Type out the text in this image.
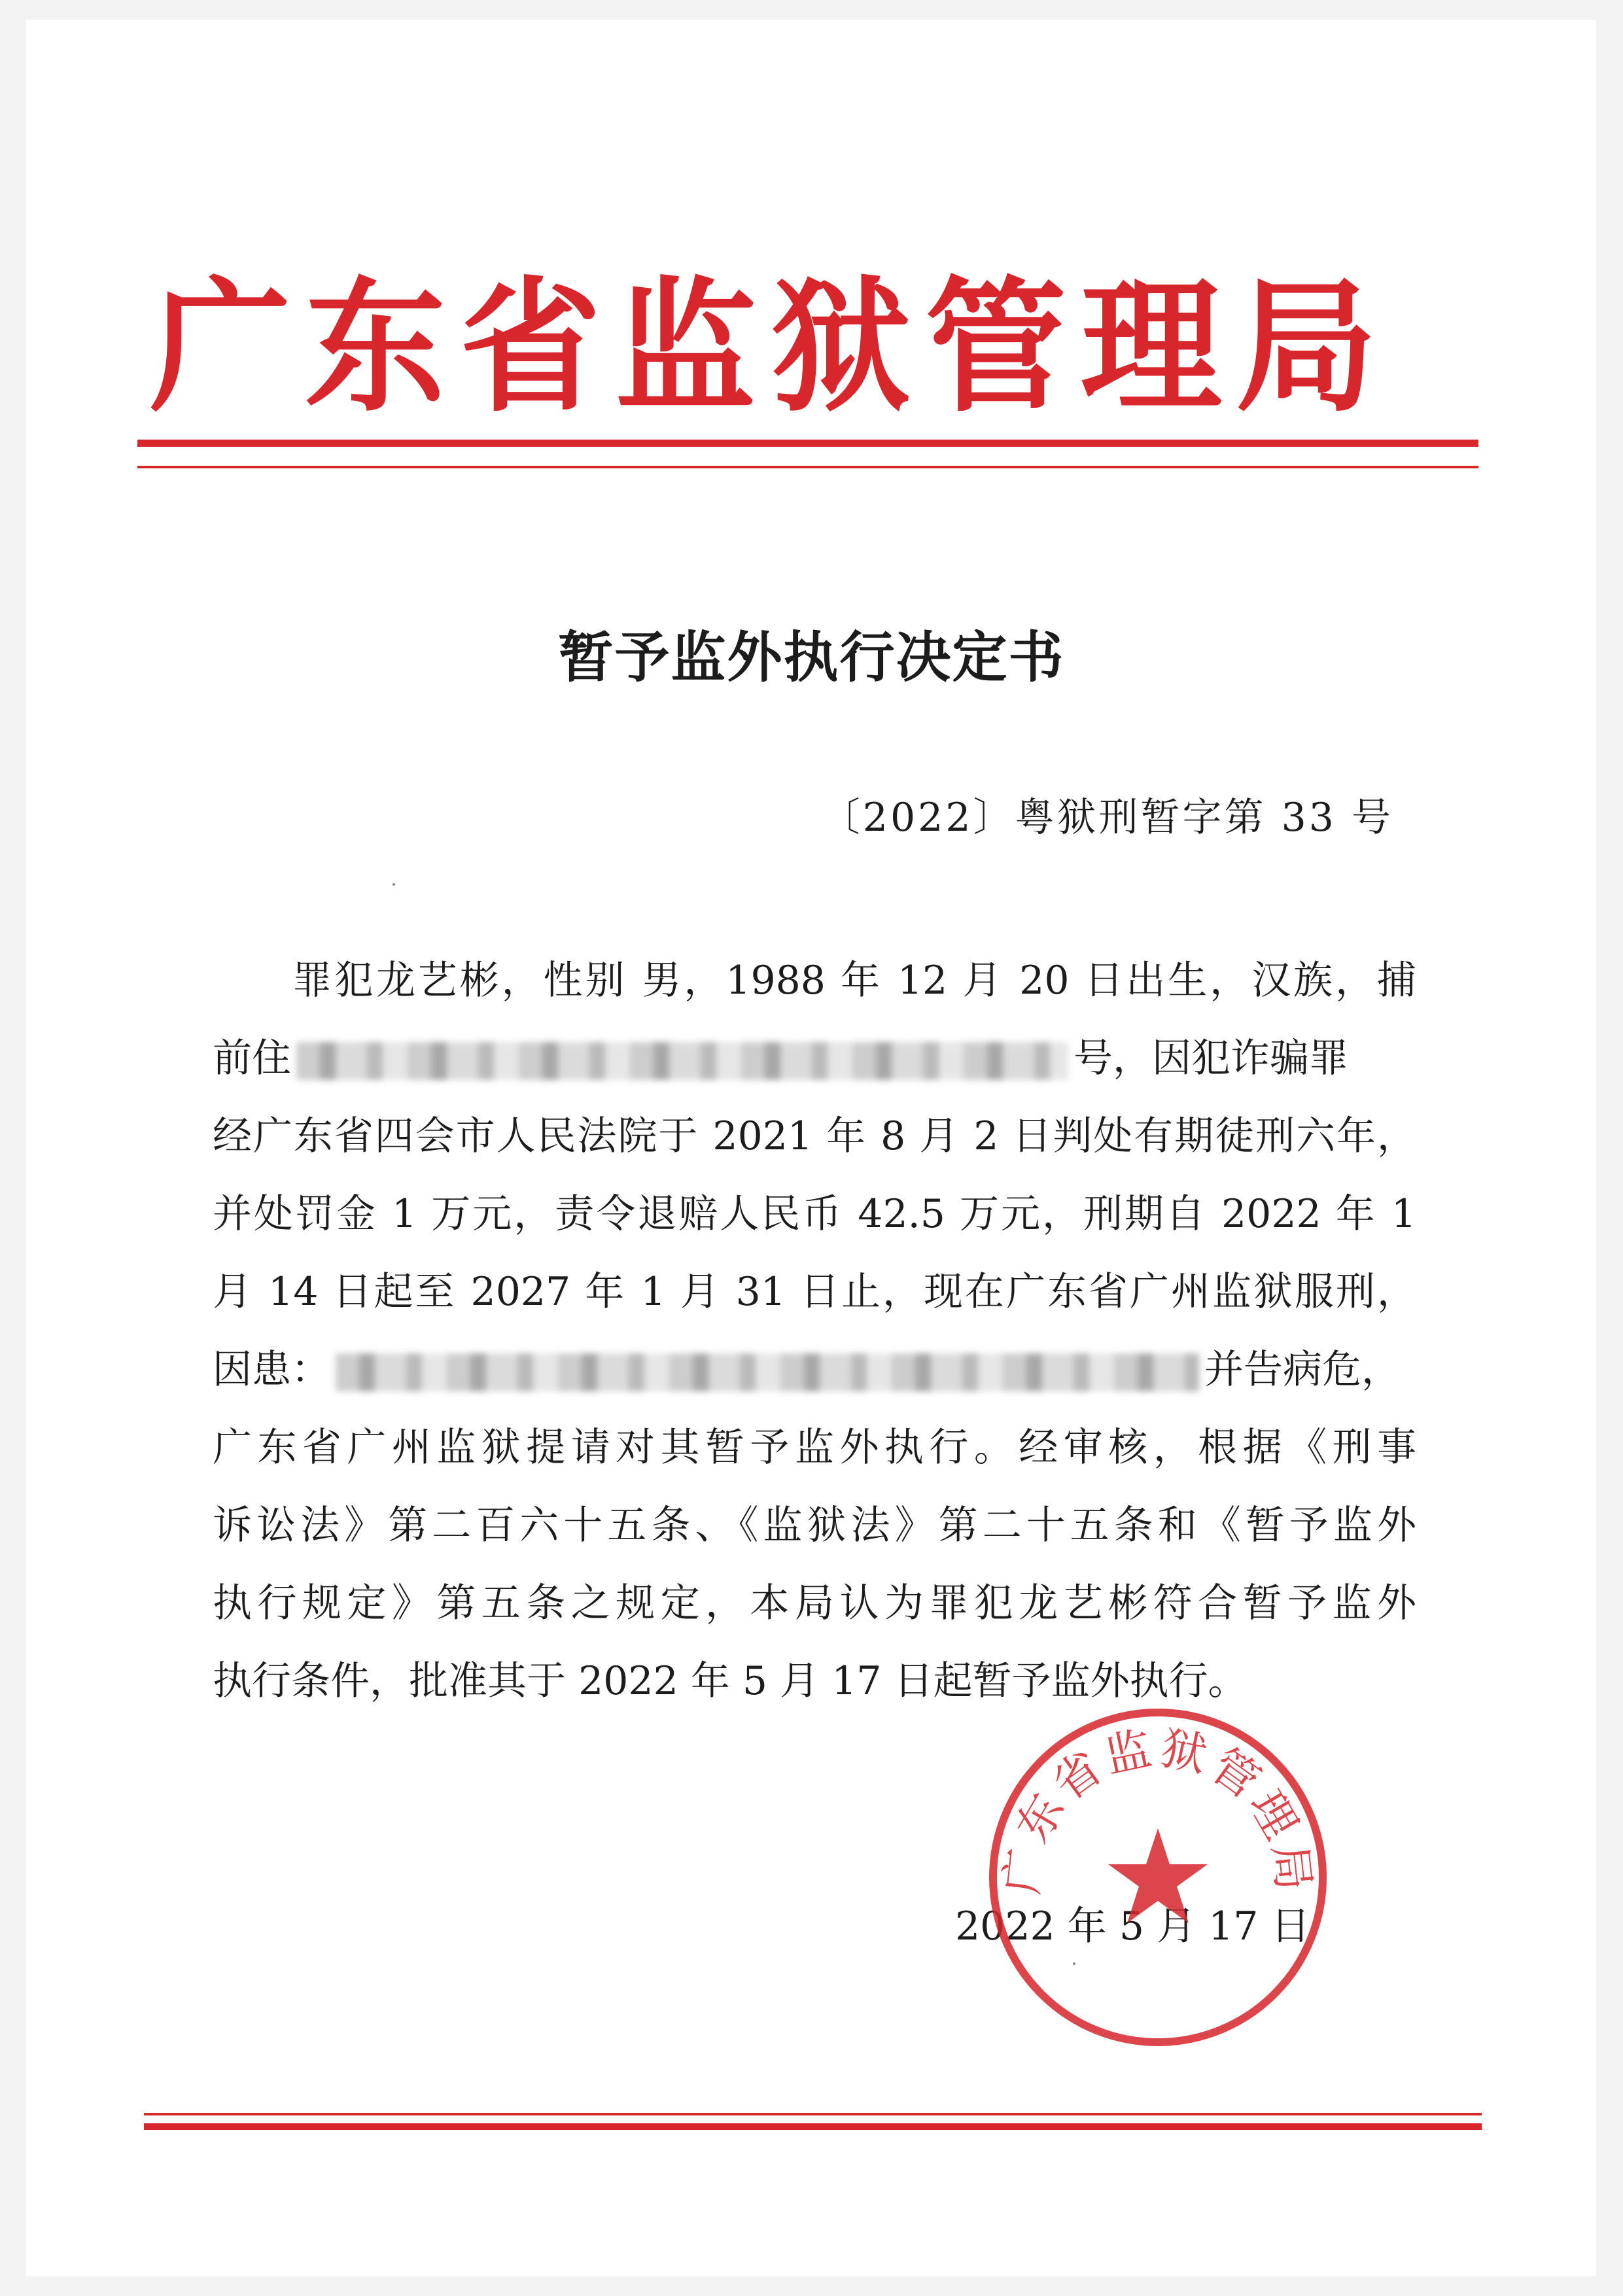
广东省监狱管理局
暂予监外执行决定书
〔2022〕粤狱刑暂字第 33 号
罪犯龙艺彬，性别 男，1988 年 12 月 20 日出生，汉族，捕
前住	号，因犯诈骗罪
经广东省四会市人民法院于 2021 年 8 月 2 日判处有期徒刑六年，
并处罚金 1 万元，责令退赔人民币 42.5 万元，刑期自 2022 年 1
月 14 日起至 2027 年 1 月 31 日止，现在广东省广州监狱服刑，
因患：	并告病危，
广东省广州监狱提请对其暂予监外执行。经审核，根据《刑事
诉讼法》第二百六十五条、《监狱法》第二十五条和《暂予监外
执行规定》第五条之规定，本局认为罪犯龙艺彬符合暂予监外
执行条件，批准其于 2022 年 5 月 17 日起暂予监外执行。
2022 年 5 月 17 日
广东省监狱管理局
